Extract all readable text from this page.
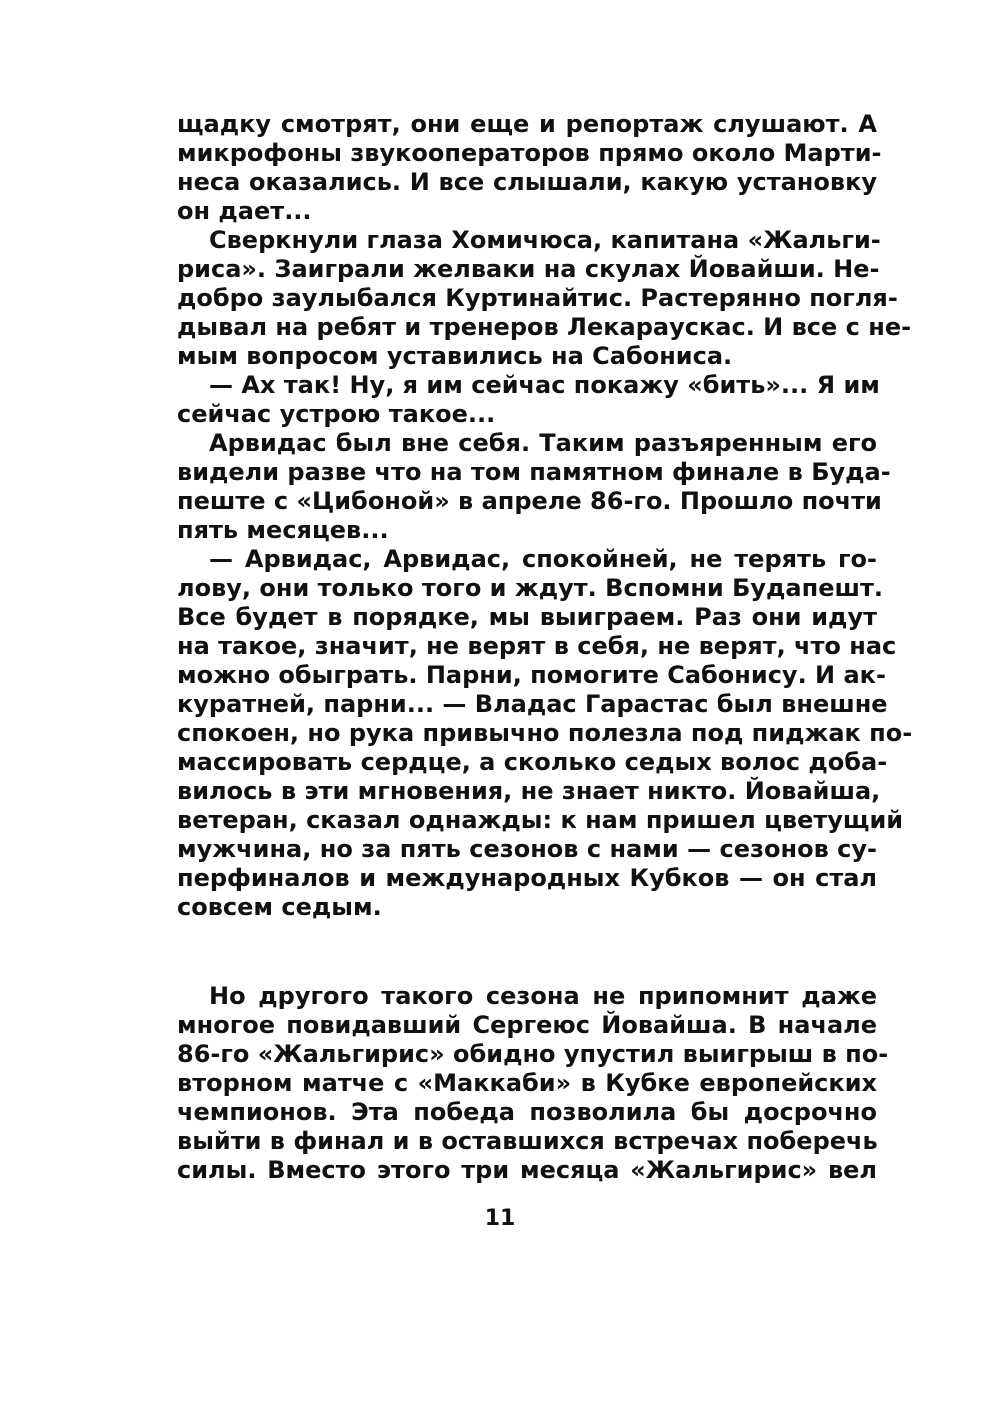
щадку смотрят, они еще и репортаж слушают. А
микрофоны звукооператоров прямо около Марти-
неса оказались. И все слышали, какую установку
он дает...
Сверкнули глаза Хомичюса, капитана «Жальги-
риса». Заиграли желваки на скулах Йовайши. Не-
добро заулыбался Куртинайтис. Растерянно погля-
дывал на ребят и тренеров Лекараускас. И все с не-
мым вопросом уставились на Сабониса.
— Ах так! Ну, я им сейчас покажу «бить»... Я им
сейчас устрою такое...
Арвидас был вне себя. Таким разъяренным его
видели разве что на том памятном финале в Буда-
пеште с «Цибоной» в апреле 86-го. Прошло почти
пять месяцев...
— Арвидас, Арвидас, спокойней, не терять го-
лову, они только того и ждут. Вспомни Будапешт.
Все будет в порядке, мы выиграем. Раз они идут
на такое, значит, не верят в себя, не верят, что нас
можно обыграть. Парни, помогите Сабонису. И ак-
куратней, парни... — Владас Гарастас был внешне
спокоен, но рука привычно полезла под пиджак по-
массировать сердце, а сколько седых волос доба-
вилось в эти мгновения, не знает никто. Йовайша,
ветеран, сказал однажды: к нам пришел цветущий
мужчина, но за пять сезонов с нами — сезонов су-
перфиналов и международных Кубков — он стал
совсем седым.
Но другого такого сезона не припомнит даже
многое повидавший Сергеюс Йовайша. В начале
86-го «Жальгирис» обидно упустил выигрыш в по-
вторном матче с «Маккаби» в Кубке европейских
чемпионов. Эта победа позволила бы досрочно
выйти в финал и в оставшихся встречах поберечь
силы. Вместо этого три месяца «Жальгирис» вел
11
